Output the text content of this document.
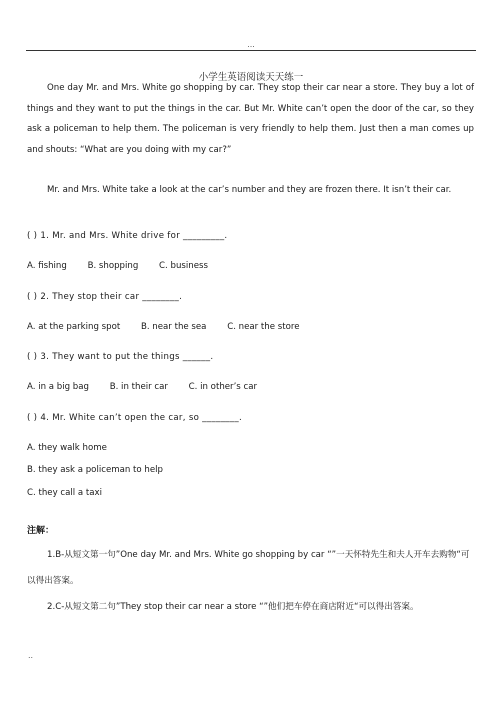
...
小学生英语阅读天天练一
One day Mr. and Mrs. White go shopping by car. They stop their car near a store. They buy a lot of things and they want to put the things in the car. But Mr. White can’t open the door of the car, so they ask a policeman to help them. The policeman is very friendly to help them. Just then a man comes up and shouts: “What are you doing with my car?”
Mr. and Mrs. White take a look at the car’s number and they are frozen there. It isn’t their car.
( ) 1. Mr. and Mrs. White drive for _________.
A. fishing B. shopping C. business
( ) 2. They stop their car ________.
A. at the parking spot B. near the sea C. near the store
( ) 3. They want to put the things ______.
A. in a big bag B. in their car C. in other’s car
( ) 4. Mr. White can’t open the car, so ________.
A. they walk home
B. they ask a policeman to help
C. they call a taxi
注解：
1.B-从短文第一句”One day Mr. and Mrs. White go shopping by car “”一天怀特先生和夫人开车去购物“可以得出答案。
2.C-从短文第二句”They stop their car near a store “”他们把车停在商店附近“可以得出答案。
..
